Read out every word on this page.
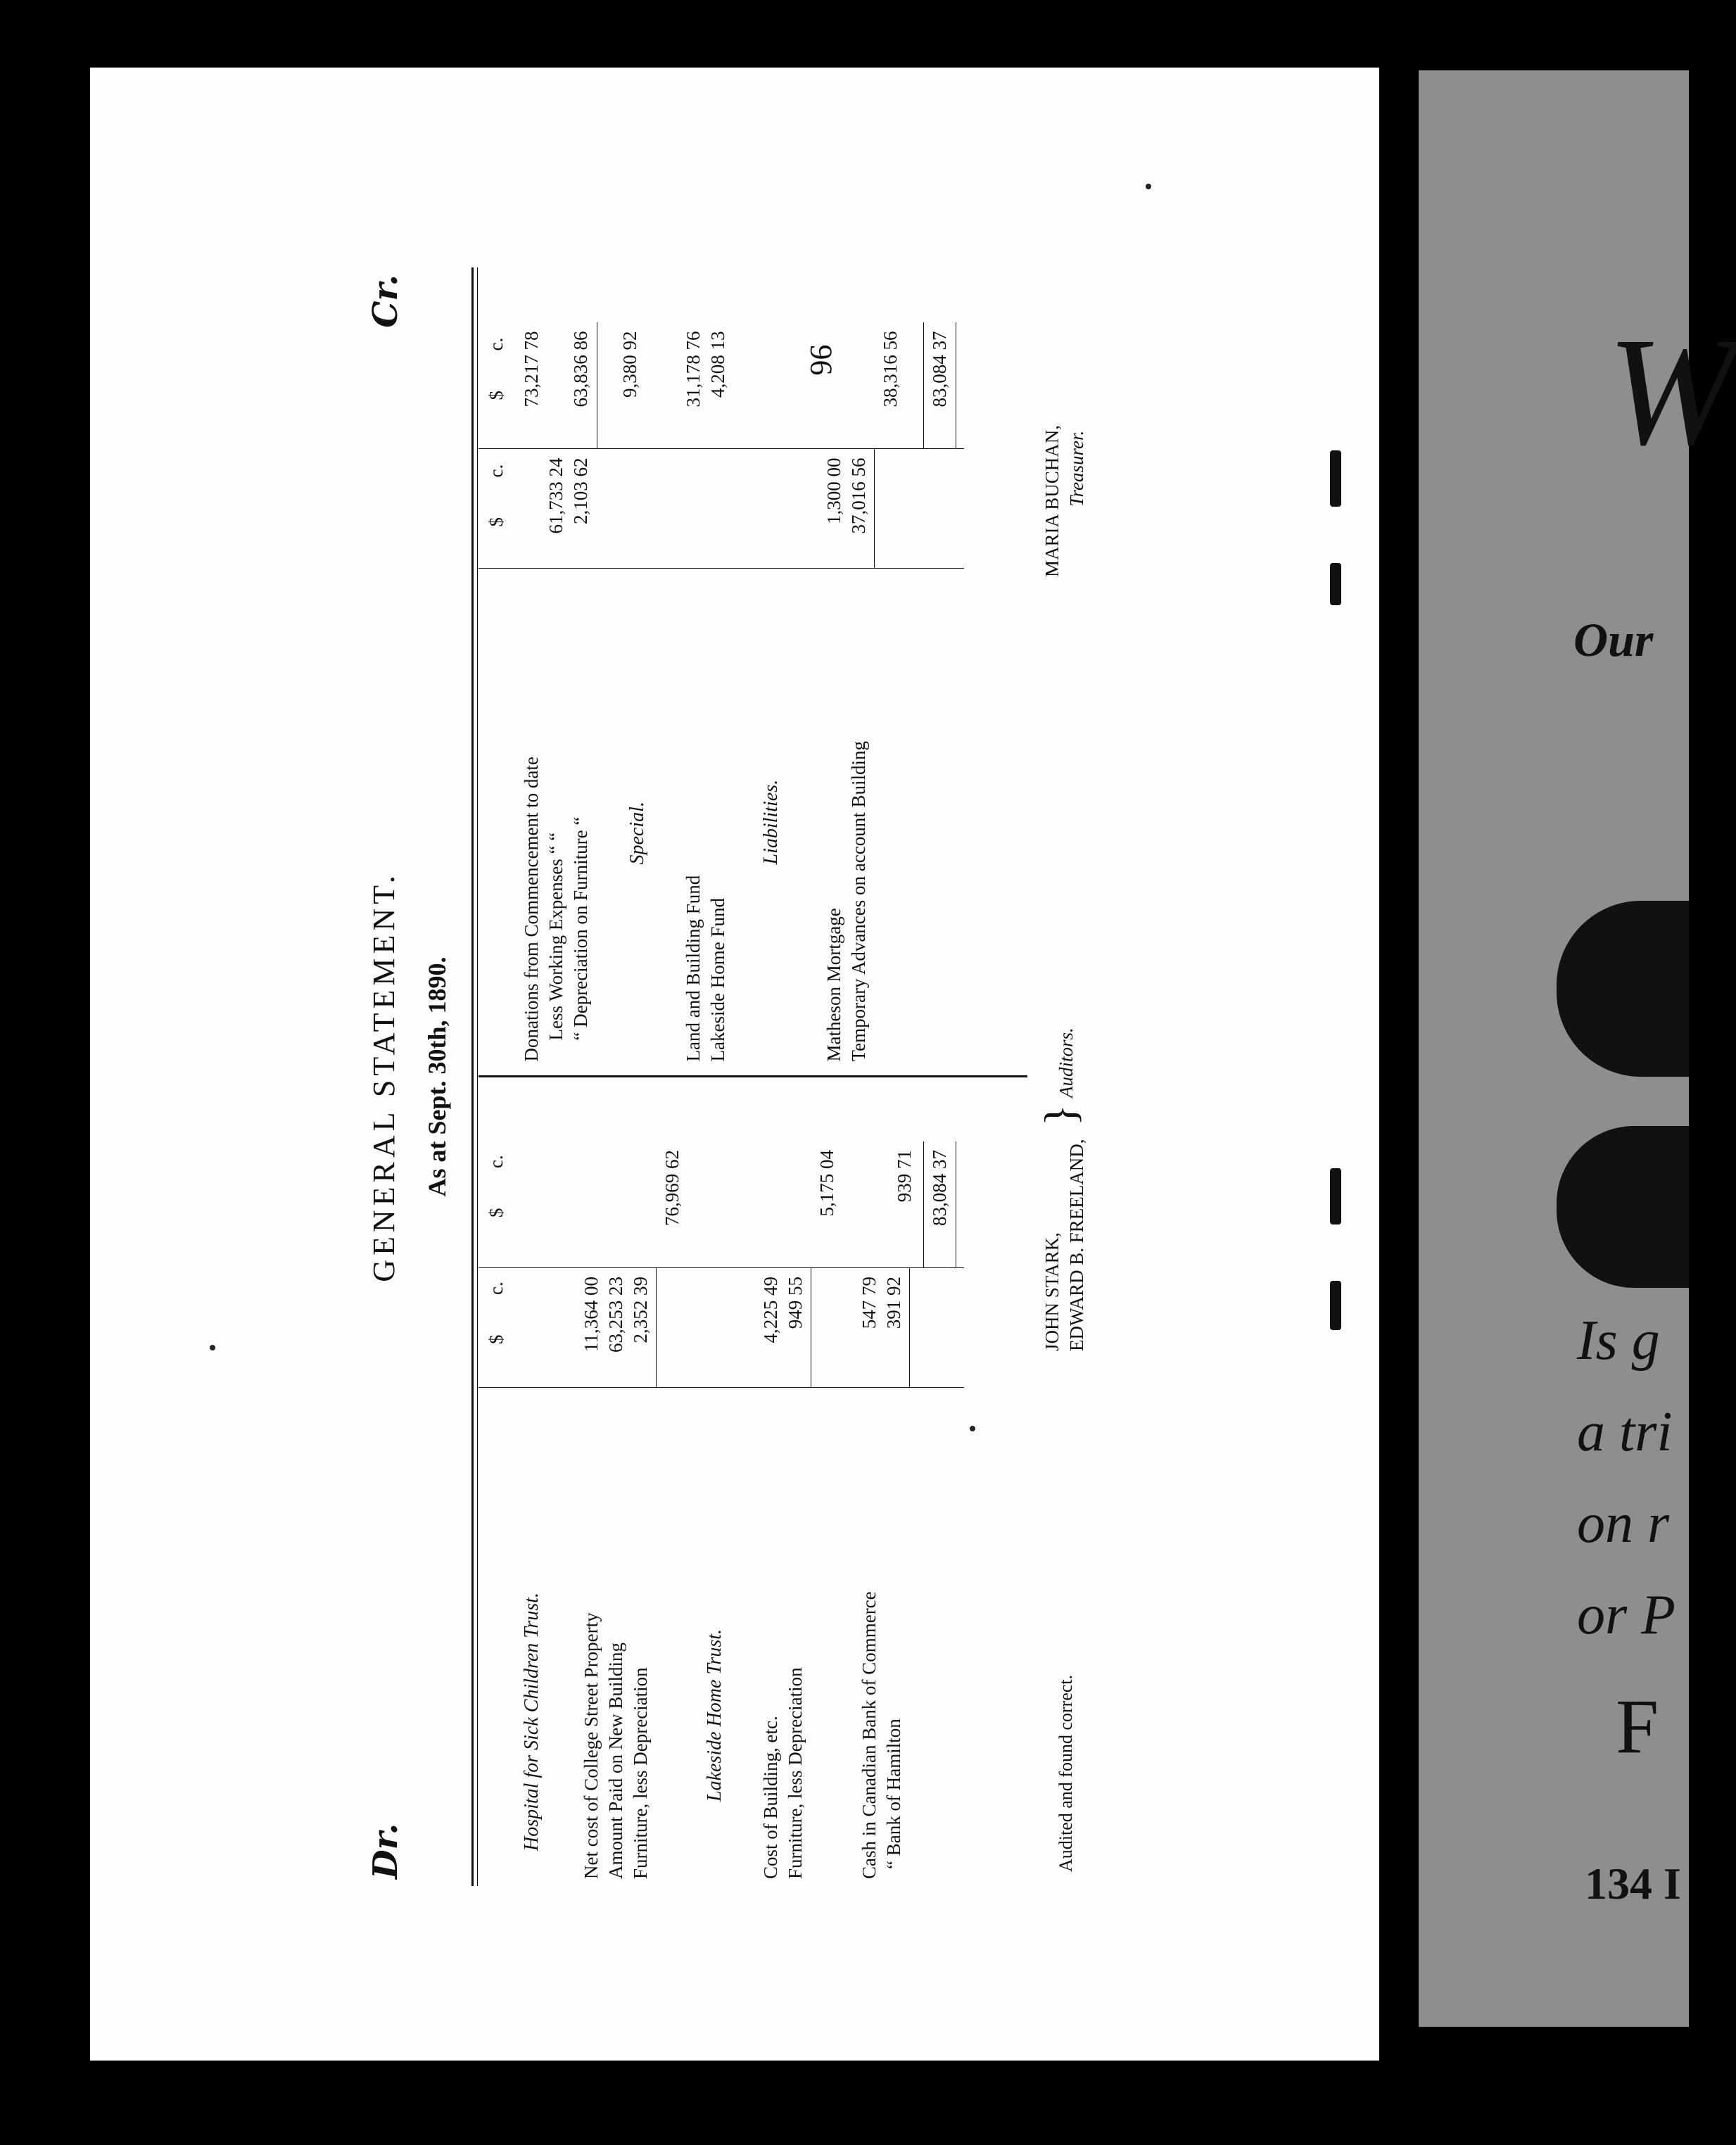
96
Dr.
Cr.
GENERAL STATEMENT. As at Sept. 30th, 1890.
$
c.
$
c.
Hospital for Sick Children Trust. Net cost of College Street Property
11,364 00
Amount Paid on New Building
63,253 23
Furniture, less Depreciation
2,352 39
76,969 62
Lakeside Home Trust. Cost of Building, etc.
4,225 49
Furniture, less Depreciation
949 55
5,175 04
Cash in Canadian Bank of Commerce
547 79
“ Bank of Hamilton
391 92
939 71 83,084 37
$
c.
$
c.
Donations from Commencement to date
73,217 78
Less Working Expenses “ “
61,733 24
“ Depreciation on Furniture “
2,103 62
63,836 86 9,380 92
Special.
Land and Building Fund
31,178 76
Lakeside Home Fund
4,208 13
Liabilities.
Matheson Mortgage
1,300 00
Temporary Advances on account Building
37,016 56
38,316 56 83,084 37
Audited and found correct.
JOHN STARK, EDWARD B. FREELAND,
}
Auditors.
MARIA BUCHAN, Treasurer.	W
Our
Is g
a tri
on r
or P
F
134 I
